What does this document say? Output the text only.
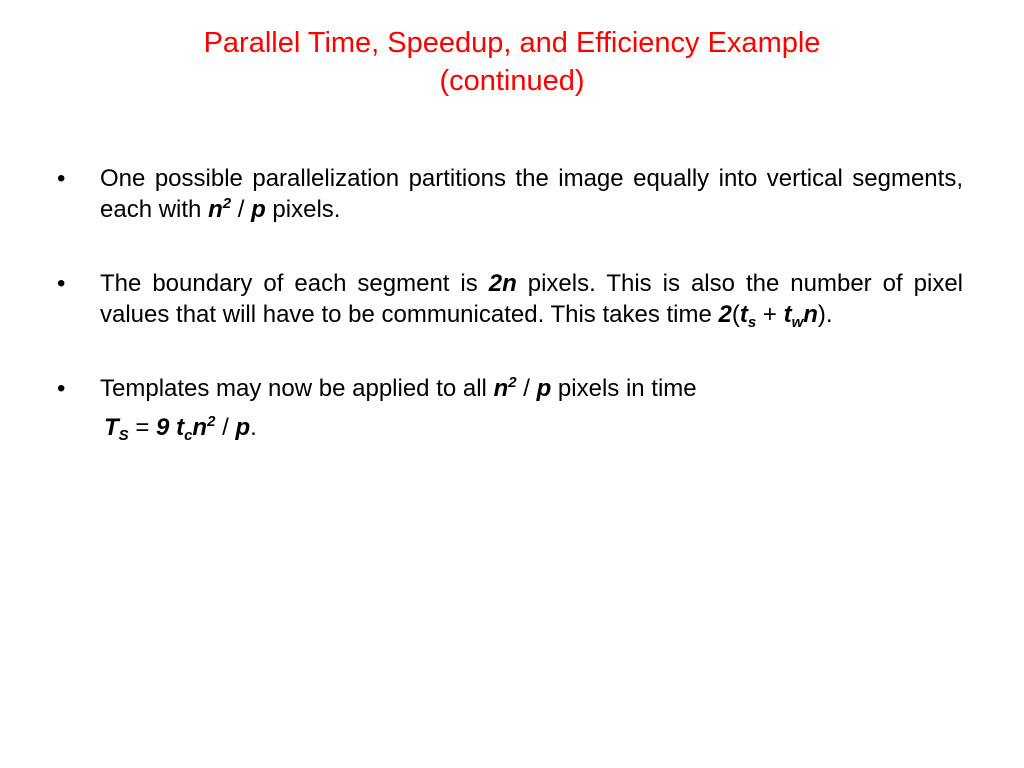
Parallel Time, Speedup, and Efficiency Example
(continued)
• One possible parallelization partitions the image equally into vertical segments, each with $n^2$ / p pixels.
• The boundary of each segment is 2n pixels. This is also the number of pixel values that will have to be communicated. This takes time $2(t_s + t_wn)$.
• Templates may now be applied to all $n^2$ / p pixels in time
$T_S = 9$ $t_cn^2$ / p.
